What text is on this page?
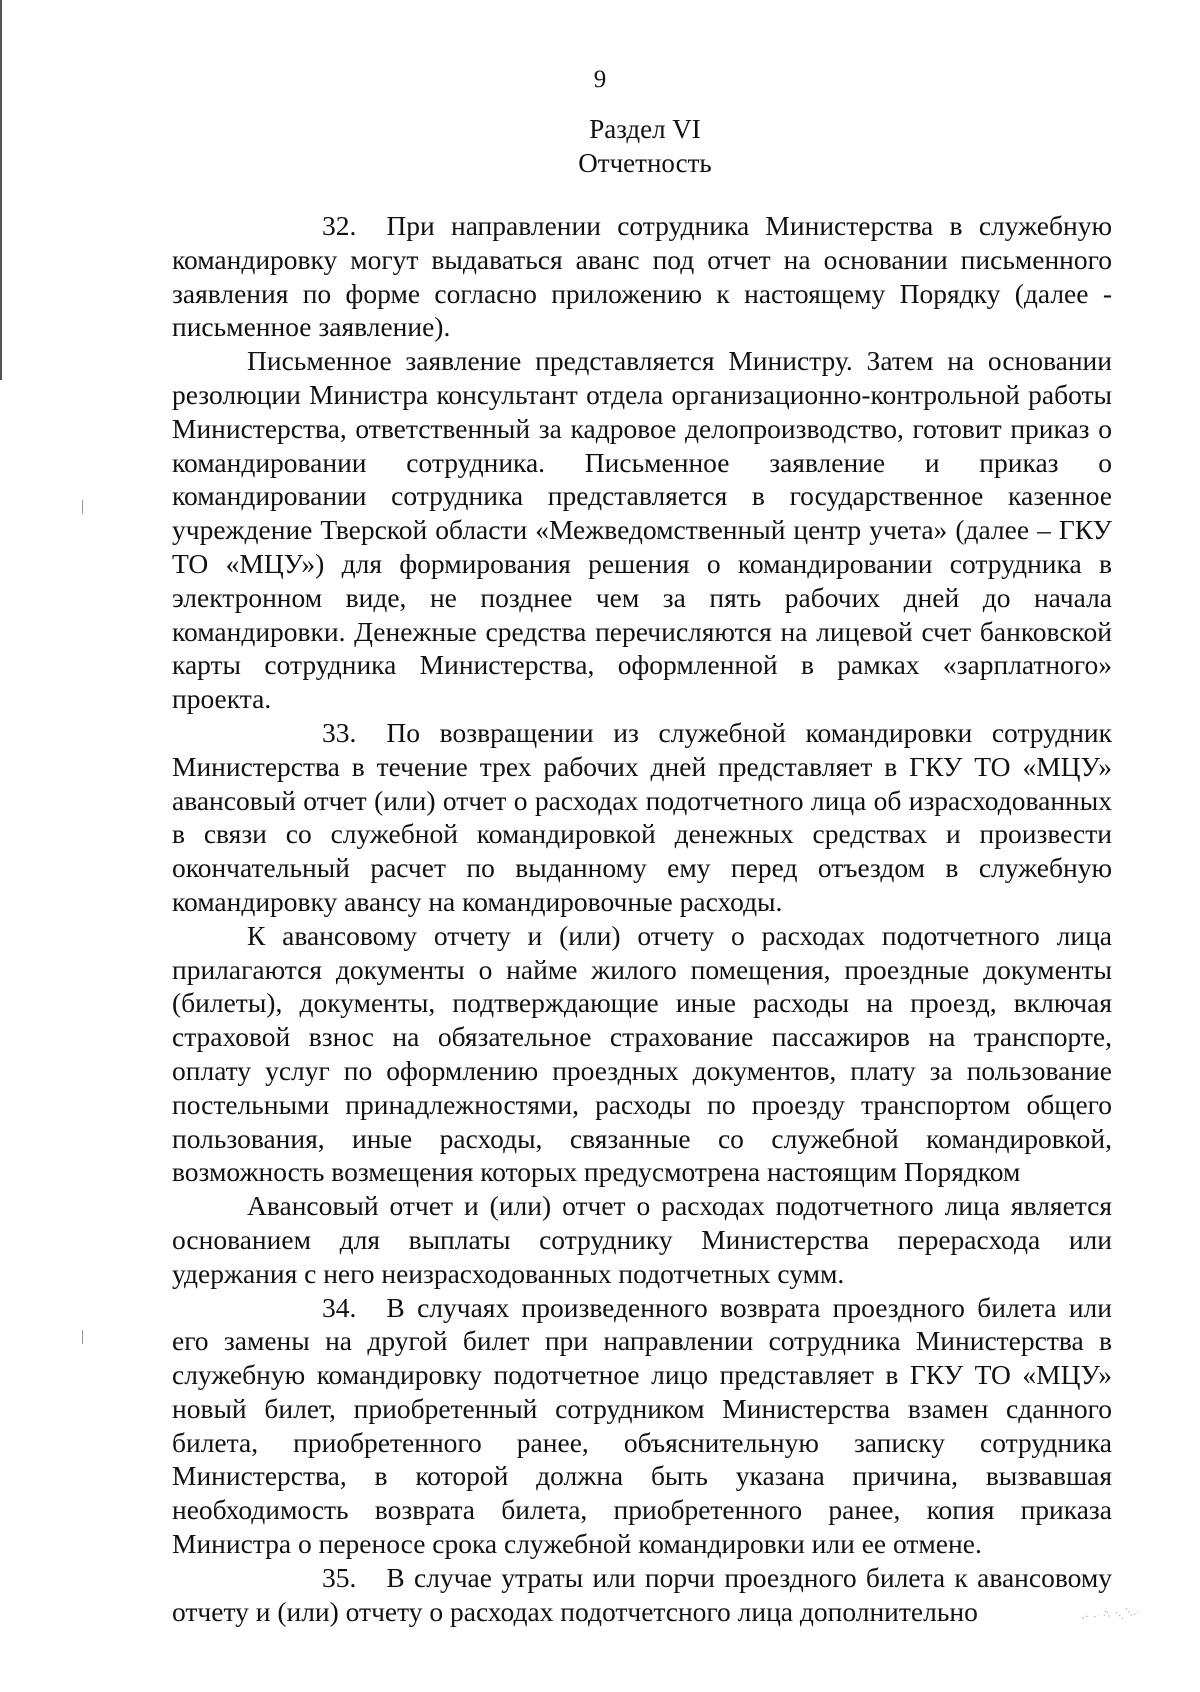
9
Раздел VI
Отчетность

32. При направлении сотрудника Министерства в служебную командировку могут выдаваться аванс под отчет на основании письменного заявления по форме согласно приложению к настоящему Порядку (далее - письменное заявление).

Письменное заявление представляется Министру. Затем на основании резолюции Министра консультант отдела организационно-контрольной работы Министерства, ответственный за кадровое делопроизводство, готовит приказ о командировании сотрудника. Письменное заявление и приказ о командировании сотрудника представляется в государственное казенное учреждение Тверской области «Межведомственный центр учета» (далее – ГКУ ТО «МЦУ») для формирования решения о командировании сотрудника в электронном виде, не позднее чем за пять рабочих дней до начала командировки. Денежные средства перечисляются на лицевой счет банковской карты сотрудника Министерства, оформленной в рамках «зарплатного» проекта.

33. По возвращении из служебной командировки сотрудник Министерства в течение трех рабочих дней представляет в ГКУ ТО «МЦУ» авансовый отчет (или) отчет о расходах подотчетного лица об израсходованных в связи со служебной командировкой денежных средствах и произвести окончательный расчет по выданному ему перед отъездом в служебную командировку авансу на командировочные расходы.

К авансовому отчету и (или) отчету о расходах подотчетного лица прилагаются документы о найме жилого помещения, проездные документы (билеты), документы, подтверждающие иные расходы на проезд, включая страховой взнос на обязательное страхование пассажиров на транспорте, оплату услуг по оформлению проездных документов, плату за пользование постельными принадлежностями, расходы по проезду транспортом общего пользования, иные расходы, связанные со служебной командировкой, возможность возмещения которых предусмотрена настоящим Порядком

Авансовый отчет и (или) отчет о расходах подотчетного лица является основанием для выплаты сотруднику Министерства перерасхода или удержания с него неизрасходованных подотчетных сумм.

34. В случаях произведенного возврата проездного билета или его замены на другой билет при направлении сотрудника Министерства в служебную командировку подотчетное лицо представляет в ГКУ ТО «МЦУ» новый билет, приобретенный сотрудником Министерства взамен сданного билета, приобретенного ранее, объяснительную записку сотрудника Министерства, в которой должна быть указана причина, вызвавшая необходимость возврата билета, приобретенного ранее, копия приказа Министра о переносе срока служебной командировки или ее отмене.

35. В случае утраты или порчи проездного билета к авансовому отчету и (или) отчету о расходах подотчетсного лица дополнительно
